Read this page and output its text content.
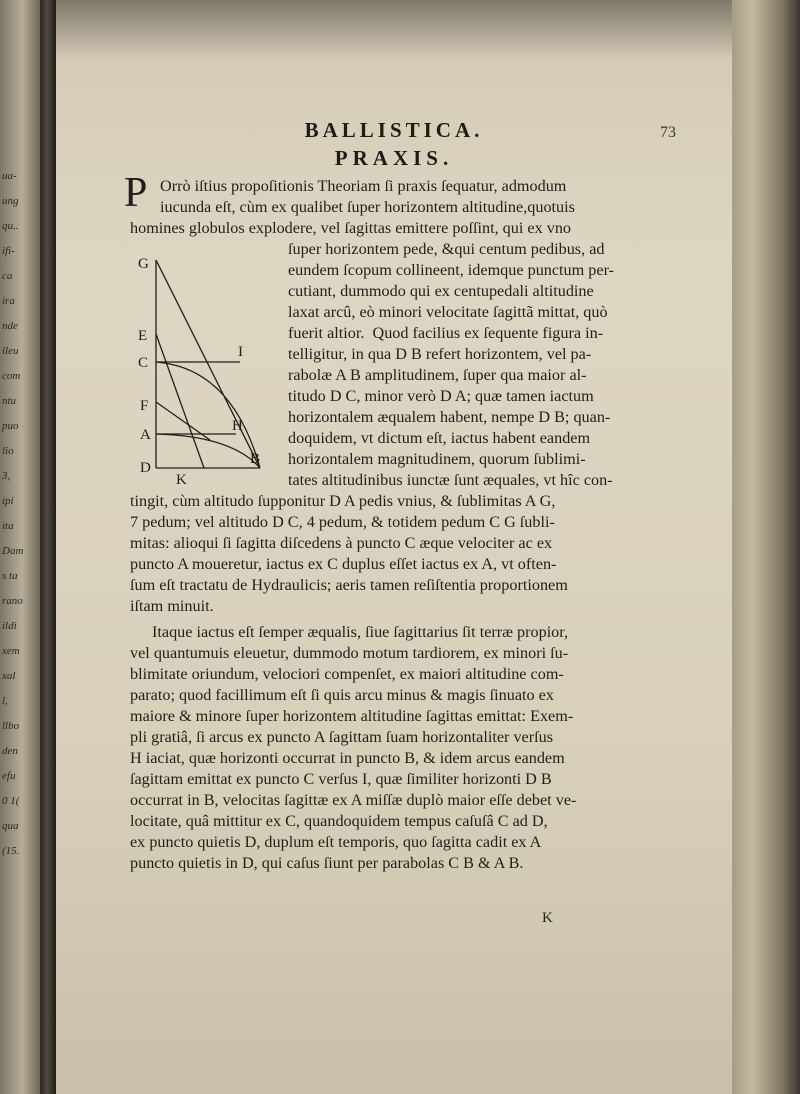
ua-
ung
qu..
ifi-
ca
ira
nde
ileu
com
ntu
puo
lio
3,
ipi
ita
Dam
s ta
rano
ildi
xem
xal
l,
llbo
den
efu
0 1(
qua
(15.
BALLISTICA.	73
PRAXIS.
P Orrò iſtius propoſitionis Theoriam ſi praxis ſequatur, admodum
iucunda eſt, cùm ex qualibet ſuper horizontem altitudine,quotuis
homines globulos explodere, vel ſagittas emittere poſſint, qui ex vno
ſuper horizontem pede, &qui centum pedibus, ad
eundem ſcopum collineent, idemque punctum per-
cutiant, dummodo qui ex centupedali altitudine
laxat arcû, eò minori velocitate ſagittã mittat, quò
fuerit altior.  Quod facilius ex ſequente figura in-
telligitur, in qua D B refert horizontem, vel pa-
rabolæ A B amplitudinem, ſuper qua maior al-
titudo D C, minor verò D A; quæ tamen iactum
horizontalem æqualem habent, nempe D B; quan-
doquidem, vt dictum eſt, iactus habent eandem
horizontalem magnitudinem, quorum ſublimi-
tates altitudinibus iunctæ ſunt æquales, vt hîc con-
tingit, cùm altitudo ſupponitur D A pedis vnius, & ſublimitas A G,
7 pedum; vel altitudo D C, 4 pedum, & totidem pedum C G ſubli-
mitas: alioqui ſi ſagitta diſcedens à puncto C æque velociter ac ex
puncto A moueretur, iactus ex C duplus eſſet iactus ex A, vt often-
ſum eſt tractatu de Hydraulicis; aeris tamen reſiſtentia proportionem
iſtam minuit.
Itaque iactus eſt ſemper æqualis, ſiue ſagittarius ſit terræ propior,
vel quantumuis eleuetur, dummodo motum tardiorem, ex minori ſu-
blimitate oriundum, velociori compenſet, ex maiori altitudine com-
parato; quod facillimum eſt ſi quis arcu minus & magis ſinuato ex
maiore & minore ſuper horizontem altitudine ſagittas emittat: Exem-
pli gratiâ, ſi arcus ex puncto A ſagittam ſuam horizontaliter verſus
H iaciat, quæ horizonti occurrat in puncto B, & idem arcus eandem
ſagittam emittat ex puncto C verſus I, quæ ſimiliter horizonti D B
occurrat in B, velocitas ſagittæ ex A miſſæ duplò maior eſſe debet ve-
locitate, quâ mittitur ex C, quandoquidem tempus caſuſâ C ad D,
ex puncto quietis D, duplum eſt temporis, quo ſagitta cadit ex A
puncto quietis in D, qui caſus ſiunt per parabolas C B & A B.
G
E
C
I
F
A
H
D
B
K
K
